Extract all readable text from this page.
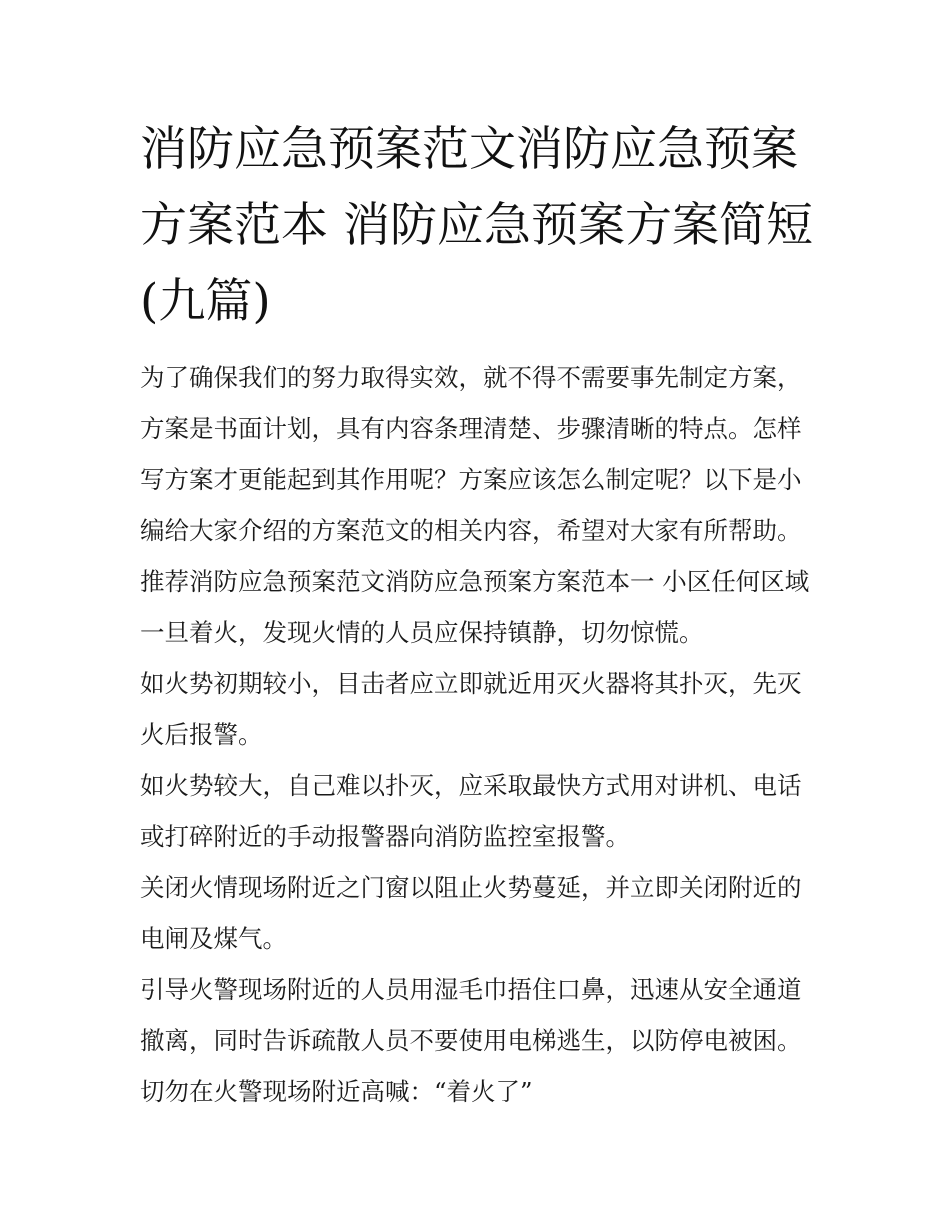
消防应急预案范文消防应急预案方案范本 消防应急预案方案简短(九篇)

为了确保我们的努力取得实效，就不得不需要事先制定方案，方案是书面计划，具有内容条理清楚、步骤清晰的特点。怎样写方案才更能起到其作用呢？方案应该怎么制定呢？以下是小编给大家介绍的方案范文的相关内容，希望对大家有所帮助。

推荐消防应急预案范文消防应急预案方案范本一 小区任何区域一旦着火，发现火情的人员应保持镇静，切勿惊慌。

如火势初期较小，目击者应立即就近用灭火器将其扑灭，先灭火后报警。

如火势较大，自己难以扑灭，应采取最快方式用对讲机、电话或打碎附近的手动报警器向消防监控室报警。

关闭火情现场附近之门窗以阻止火势蔓延，并立即关闭附近的电闸及煤气。

引导火警现场附近的人员用湿毛巾捂住口鼻，迅速从安全通道撤离，同时告诉疏散人员不要使用电梯逃生，以防停电被困。

切勿在火警现场附近高喊：“着火了”
